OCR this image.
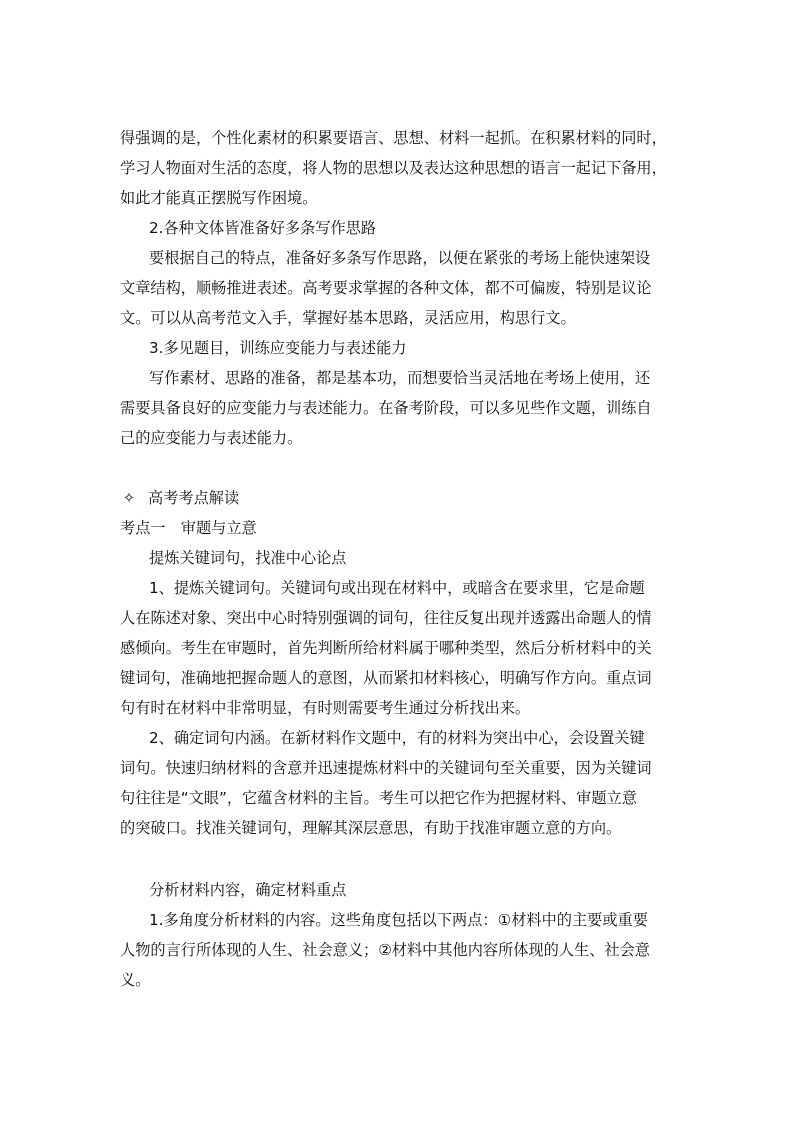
得强调的是，个性化素材的积累要语言、思想、材料一起抓。在积累材料的同时，
学习人物面对生活的态度，将人物的思想以及表达这种思想的语言一起记下备用，
如此才能真正摆脱写作困境。
2.各种文体皆准备好多条写作思路
要根据自己的特点，准备好多条写作思路，以便在紧张的考场上能快速架设
文章结构，顺畅推进表述。高考要求掌握的各种文体，都不可偏废，特别是议论
文。可以从高考范文入手，掌握好基本思路，灵活应用，构思行文。
3.多见题目，训练应变能力与表述能力
写作素材、思路的准备，都是基本功，而想要恰当灵活地在考场上使用，还
需要具备良好的应变能力与表述能力。在备考阶段，可以多见些作文题，训练自
己的应变能力与表述能力。
✧ 高考考点解读
考点一　审题与立意
提炼关键词句，找准中心论点
1、提炼关键词句。关键词句或出现在材料中，或暗含在要求里，它是命题
人在陈述对象、突出中心时特别强调的词句，往往反复出现并透露出命题人的情
感倾向。考生在审题时，首先判断所给材料属于哪种类型，然后分析材料中的关
键词句，准确地把握命题人的意图，从而紧扣材料核心，明确写作方向。重点词
句有时在材料中非常明显，有时则需要考生通过分析找出来。
2、确定词句内涵。在新材料作文题中，有的材料为突出中心，会设置关键
词句。快速归纳材料的含意并迅速提炼材料中的关键词句至关重要，因为关键词
句往往是“文眼”，它蕴含材料的主旨。考生可以把它作为把握材料、审题立意
的突破口。找准关键词句，理解其深层意思，有助于找准审题立意的方向。
分析材料内容，确定材料重点
1.多角度分析材料的内容。这些角度包括以下两点：①材料中的主要或重要
人物的言行所体现的人生、社会意义；②材料中其他内容所体现的人生、社会意
义。
